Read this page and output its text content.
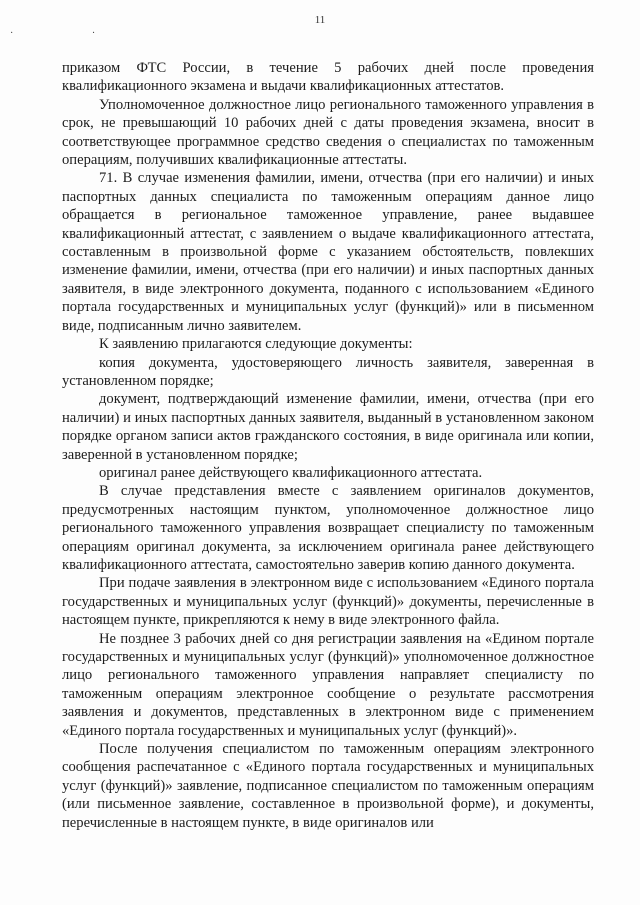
11
· ·

приказом ФТС России, в течение 5 рабочих дней после проведения квалификационного экзамена и выдачи квалификационных аттестатов.

Уполномоченное должностное лицо регионального таможенного управления в срок, не превышающий 10 рабочих дней с даты проведения экзамена, вносит в соответствующее программное средство сведения о специалистах по таможенным операциям, получивших квалификационные аттестаты.

71. В случае изменения фамилии, имени, отчества (при его наличии) и иных паспортных данных специалиста по таможенным операциям данное лицо обращается в региональное таможенное управление, ранее выдавшее квалификационный аттестат, с заявлением о выдаче квалификационного аттестата, составленным в произвольной форме с указанием обстоятельств, повлекших изменение фамилии, имени, отчества (при его наличии) и иных паспортных данных заявителя, в виде электронного документа, поданного с использованием «Единого портала государственных и муниципальных услуг (функций)» или в письменном виде, подписанным лично заявителем.

К заявлению прилагаются следующие документы:

копия документа, удостоверяющего личность заявителя, заверенная в установленном порядке;

документ, подтверждающий изменение фамилии, имени, отчества (при его наличии) и иных паспортных данных заявителя, выданный в установленном законом порядке органом записи актов гражданского состояния, в виде оригинала или копии, заверенной в установленном порядке;

оригинал ранее действующего квалификационного аттестата.

В случае представления вместе с заявлением оригиналов документов, предусмотренных настоящим пунктом, уполномоченное должностное лицо регионального таможенного управления возвращает специалисту по таможенным операциям оригинал документа, за исключением оригинала ранее действующего квалификационного аттестата, самостоятельно заверив копию данного документа.

При подаче заявления в электронном виде с использованием «Единого портала государственных и муниципальных услуг (функций)» документы, перечисленные в настоящем пункте, прикрепляются к нему в виде электронного файла.

Не позднее 3 рабочих дней со дня регистрации заявления на «Едином портале государственных и муниципальных услуг (функций)» уполномоченное должностное лицо регионального таможенного управления направляет специалисту по таможенным операциям электронное сообщение о результате рассмотрения заявления и документов, представленных в электронном виде с применением «Единого портала государственных и муниципальных услуг (функций)».

После получения специалистом по таможенным операциям электронного сообщения распечатанное с «Единого портала государственных и муниципальных услуг (функций)» заявление, подписанное специалистом по таможенным операциям (или письменное заявление, составленное в произвольной форме), и документы, перечисленные в настоящем пункте, в виде оригиналов или
